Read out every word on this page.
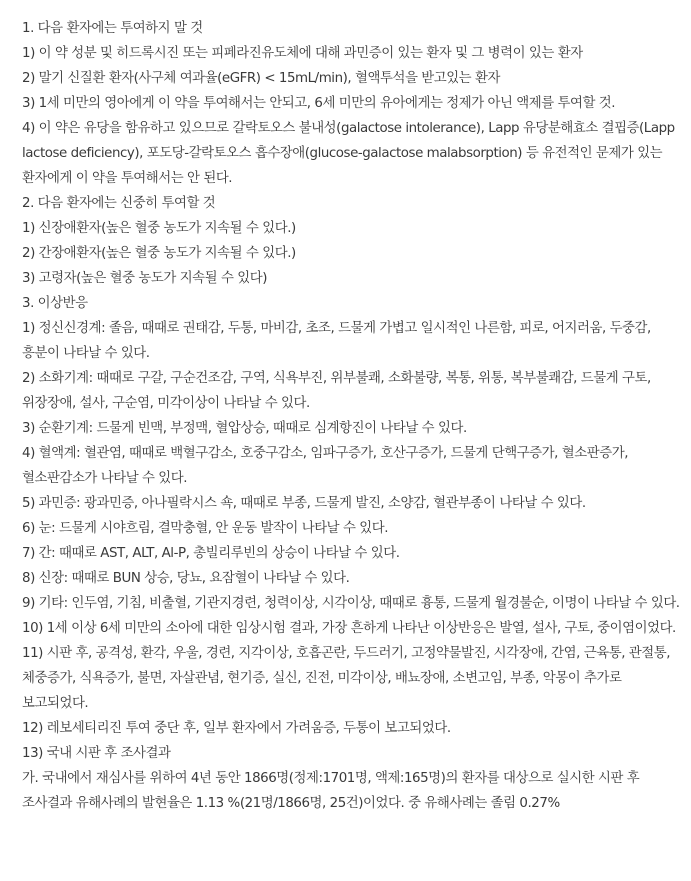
1. 다음 환자에는 투여하지 말 것

1) 이 약 성분 및 히드록시진 또는 피페라진유도체에 대해 과민증이 있는 환자 및 그 병력이 있는 환자

2) 말기 신질환 환자(사구체 여과율(eGFR) < 15mL/min), 혈액투석을 받고있는 환자

3) 1세 미만의 영아에게 이 약을 투여해서는 안되고, 6세 미만의 유아에게는 정제가 아닌 액제를 투여할 것.

4) 이 약은 유당을 함유하고 있으므로 갈락토오스 불내성(galactose intolerance), Lapp 유당분해효소 결핍증(Lapp lactose deficiency), 포도당-갈락토오스 흡수장애(glucose-galactose malabsorption) 등 유전적인 문제가 있는 환자에게 이 약을 투여해서는 안 된다.

2. 다음 환자에는 신중히 투여할 것

1) 신장애환자(높은 혈중 농도가 지속될 수 있다.)

2) 간장애환자(높은 혈중 농도가 지속될 수 있다.)

3) 고령자(높은 혈중 농도가 지속될 수 있다)

3. 이상반응

1) 정신신경계: 졸음, 때때로 권태감, 두통, 마비감, 초조, 드물게 가볍고 일시적인 나른함, 피로, 어지러움, 두중감, 흥분이 나타날 수 있다.

2) 소화기계: 때때로 구갈, 구순건조감, 구역, 식욕부진, 위부불쾌, 소화불량, 복통, 위통, 복부불쾌감, 드물게 구토, 위장장애, 설사, 구순염, 미각이상이 나타날 수 있다.

3) 순환기계: 드물게 빈맥, 부정맥, 혈압상승, 때때로 심계항진이 나타날 수 있다.

4) 혈액계: 혈관염, 때때로 백혈구감소, 호중구감소, 임파구증가, 호산구증가, 드물게 단핵구증가, 혈소판증가, 혈소판감소가 나타날 수 있다.

5) 과민증: 광과민증, 아나필락시스 쇽, 때때로 부종, 드물게 발진, 소양감, 혈관부종이 나타날 수 있다.

6) 눈: 드물게 시야흐림, 결막충혈, 안 운동 발작이 나타날 수 있다.

7) 간: 때때로 AST, ALT, Al-P, 총빌리루빈의 상승이 나타날 수 있다.

8) 신장: 때때로 BUN 상승, 당뇨, 요잠혈이 나타날 수 있다.

9) 기타: 인두염, 기침, 비출혈, 기관지경련, 청력이상, 시각이상, 때때로 흉통, 드물게 월경불순, 이명이 나타날 수 있다.

10) 1세 이상 6세 미만의 소아에 대한 임상시험 결과, 가장 흔하게 나타난 이상반응은 발열, 설사, 구토, 중이염이었다.

11) 시판 후, 공격성, 환각, 우울, 경련, 지각이상, 호흡곤란, 두드러기, 고정약물발진, 시각장애, 간염, 근육통, 관절통, 체중증가, 식욕증가, 불면, 자살관념, 현기증, 실신, 진전, 미각이상, 배뇨장애, 소변고임, 부종, 악몽이 추가로 보고되었다.

12) 레보세티리진 투여 중단 후, 일부 환자에서 가려움증, 두통이 보고되었다.

13) 국내 시판 후 조사결과

가. 국내에서 재심사를 위하여 4년 동안 1866명(정제:1701명, 액제:165명)의 환자를 대상으로 실시한 시판 후 조사결과 유해사례의 발현율은 1.13 %(21명/1866명, 25건)이었다. 중 유해사례는 졸림 0.27%
